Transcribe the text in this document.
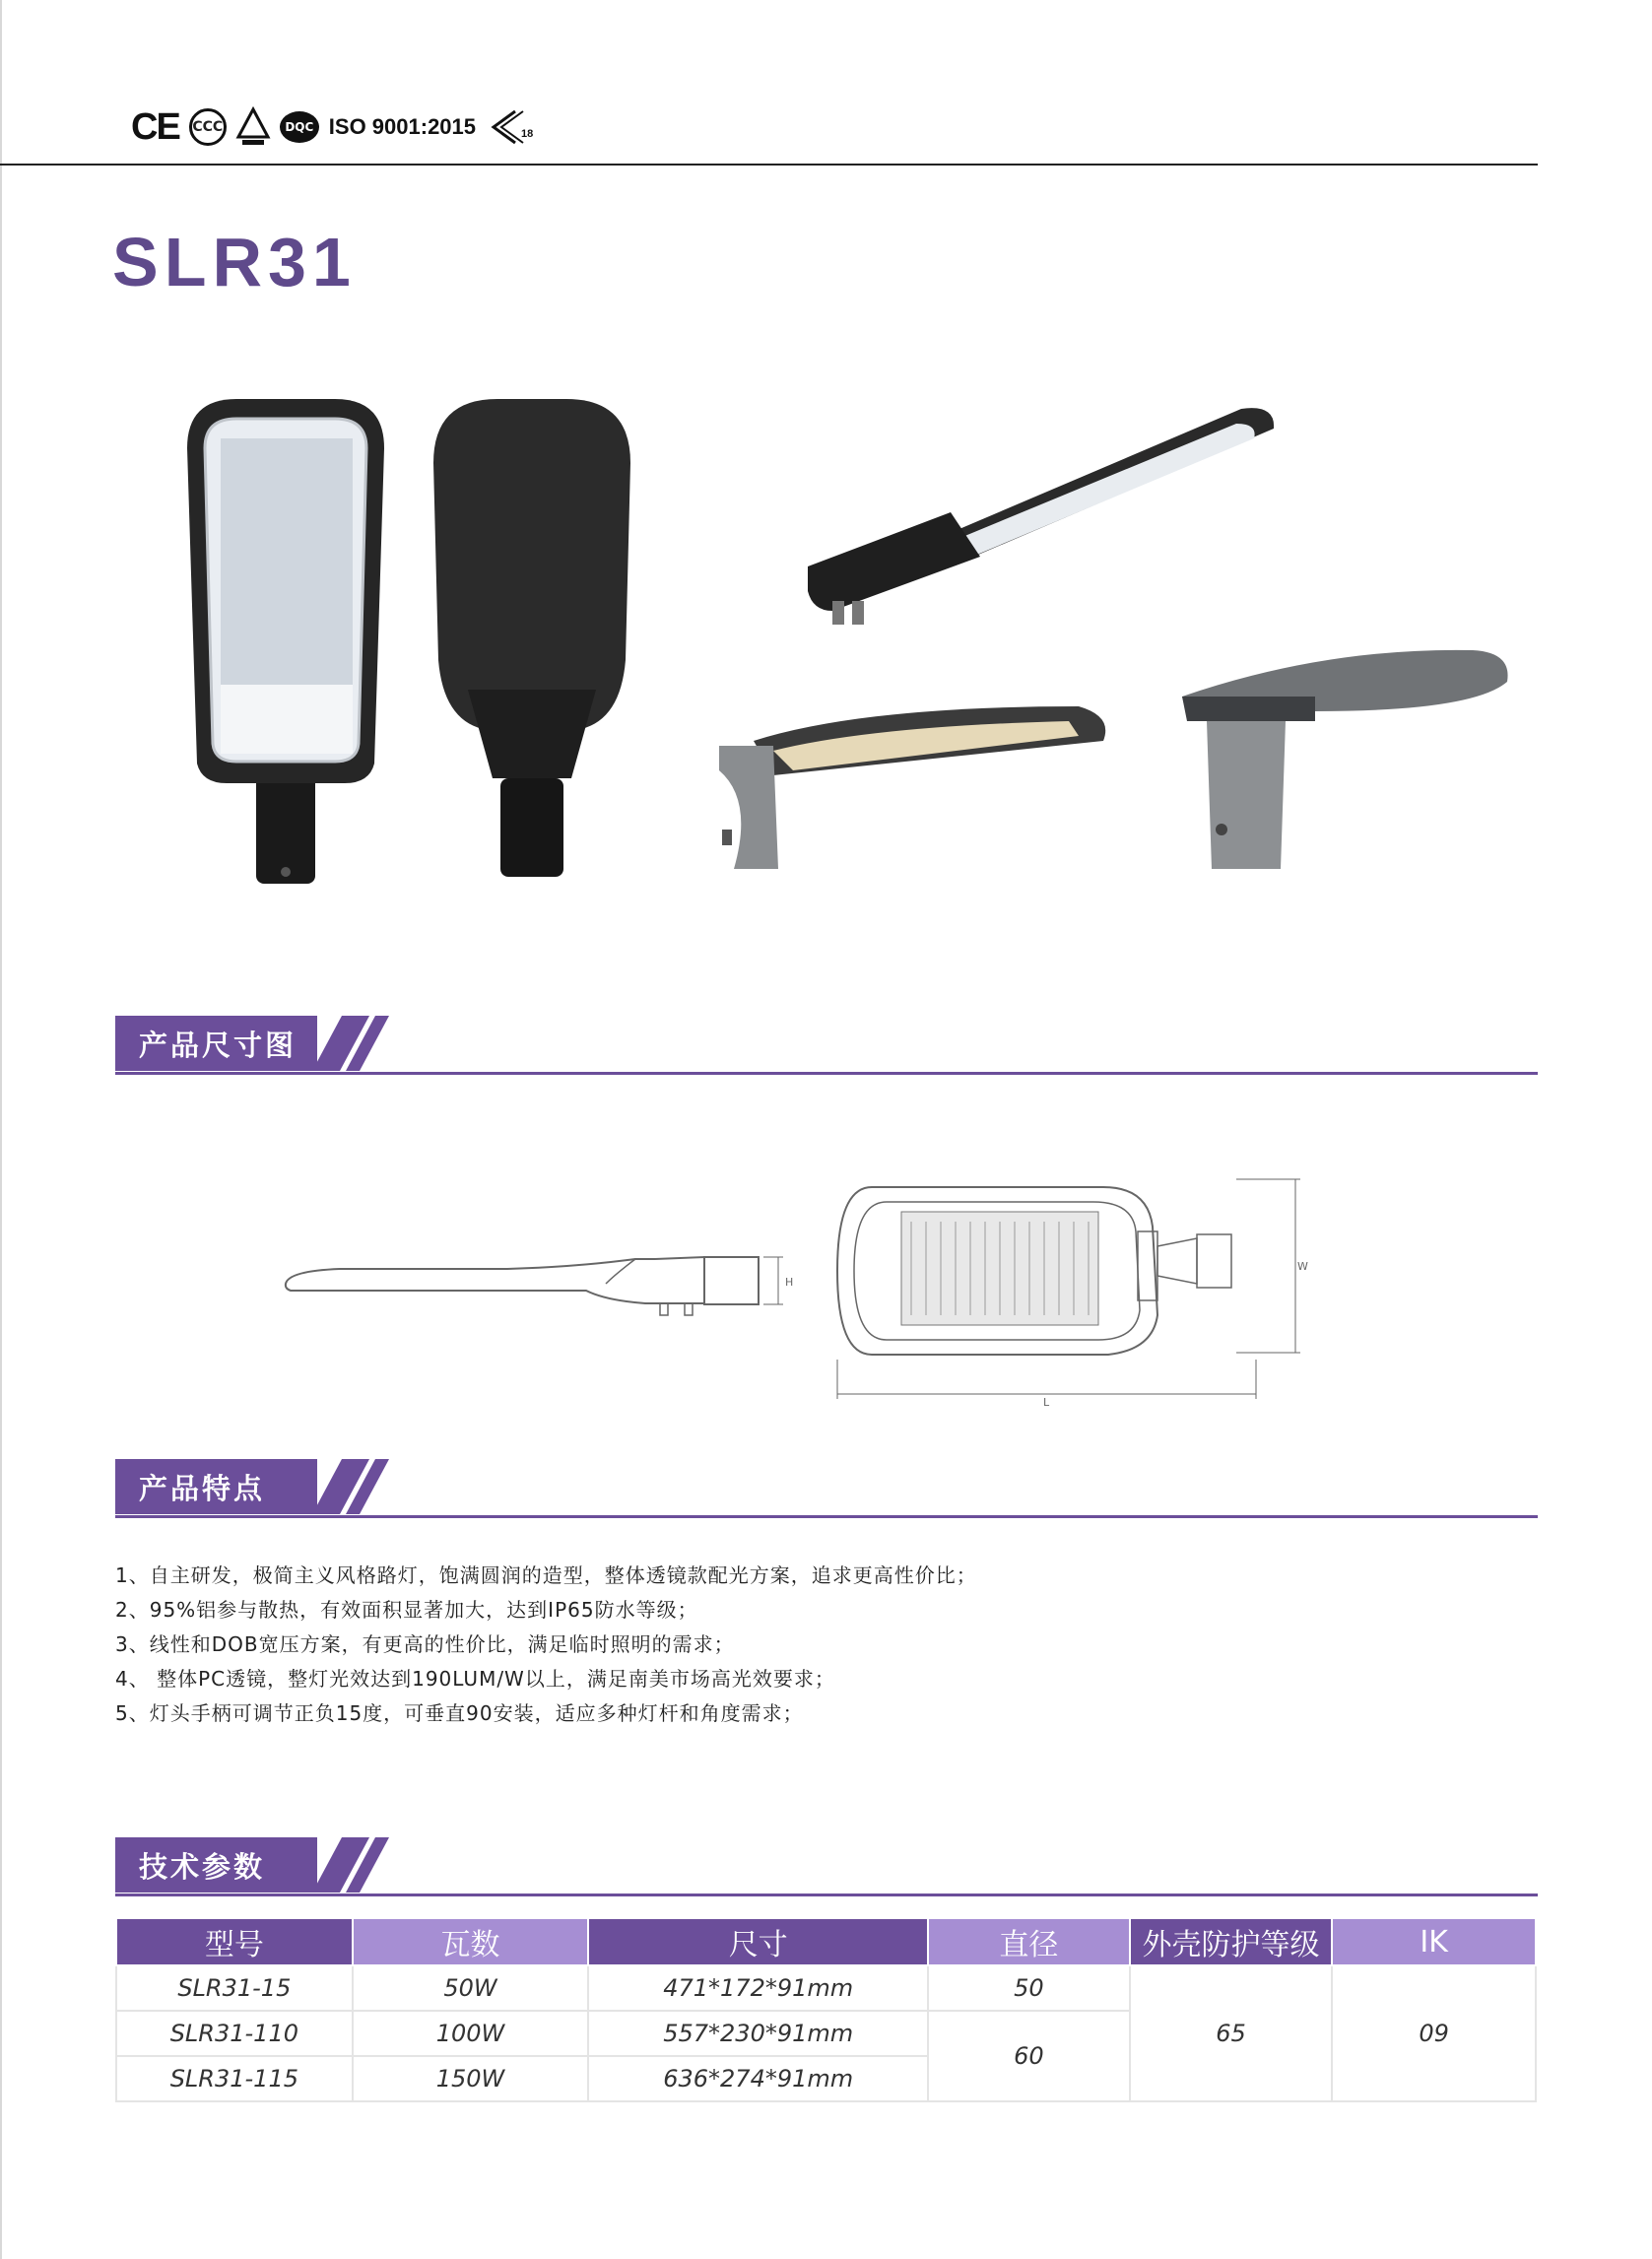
CE CCC	DQC ISO 9001:2015	18
SLR31
产品尺寸图
H
W
L
产品特点
1、自主研发，极简主义风格路灯，饱满圆润的造型，整体透镜款配光方案，追求更高性价比；
2、95%铝参与散热，有效面积显著加大，达到IP65防水等级；
3、线性和DOB宽压方案，有更高的性价比，满足临时照明的需求；
4、 整体PC透镜，整灯光效达到190LUM/W以上，满足南美市场高光效要求；
5、灯头手柄可调节正负15度，可垂直90安装，适应多种灯杆和角度需求；
技术参数
型号	瓦数	尺寸	直径	外壳防护等级	IK
SLR31-15	50W	471*172*91mm	50	65	09
SLR31-110	100W	557*230*91mm	60		
SLR31-115	150W	636*274*91mm			
